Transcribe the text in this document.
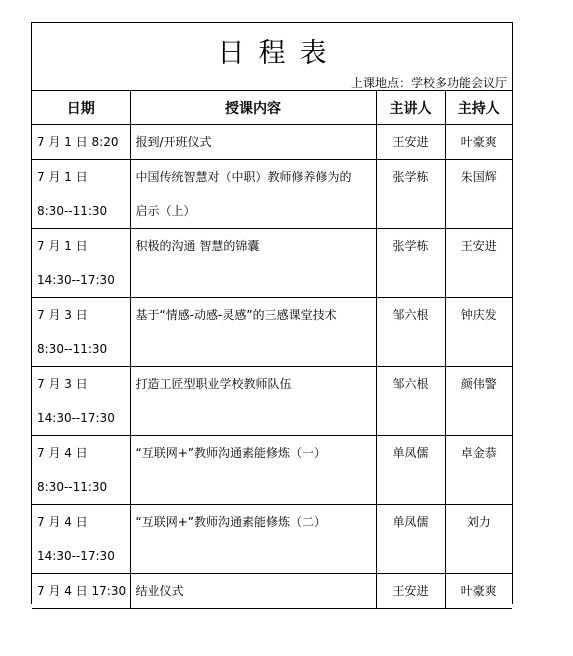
日程表
上课地点：学校多功能会议厅
日期	授课内容	主讲人	主持人

7 月 1 日 8:20	报到/开班仪式	王安进	叶豪爽

7 月 1 日
8:30--11:30	中国传统智慧对（中职）教师修养修为的
启示（上）	张学栋	朱国辉

7 月 1 日
14:30--17:30	积极的沟通 智慧的锦囊	张学栋	王安进

7 月 3 日
8:30--11:30	基于“情感-动感-灵感”的三感课堂技术	邹六根	钟庆发

7 月 3 日
14:30--17:30	打造工匠型职业学校教师队伍	邹六根	颜伟警

7 月 4 日
8:30--11:30	“互联网+”教师沟通素能修炼（一）	单凤儒	卓金恭

7 月 4 日
14:30--17:30	“互联网+”教师沟通素能修炼（二）	单凤儒	刘力

7 月 4 日 17:30	结业仪式	王安进	叶豪爽
